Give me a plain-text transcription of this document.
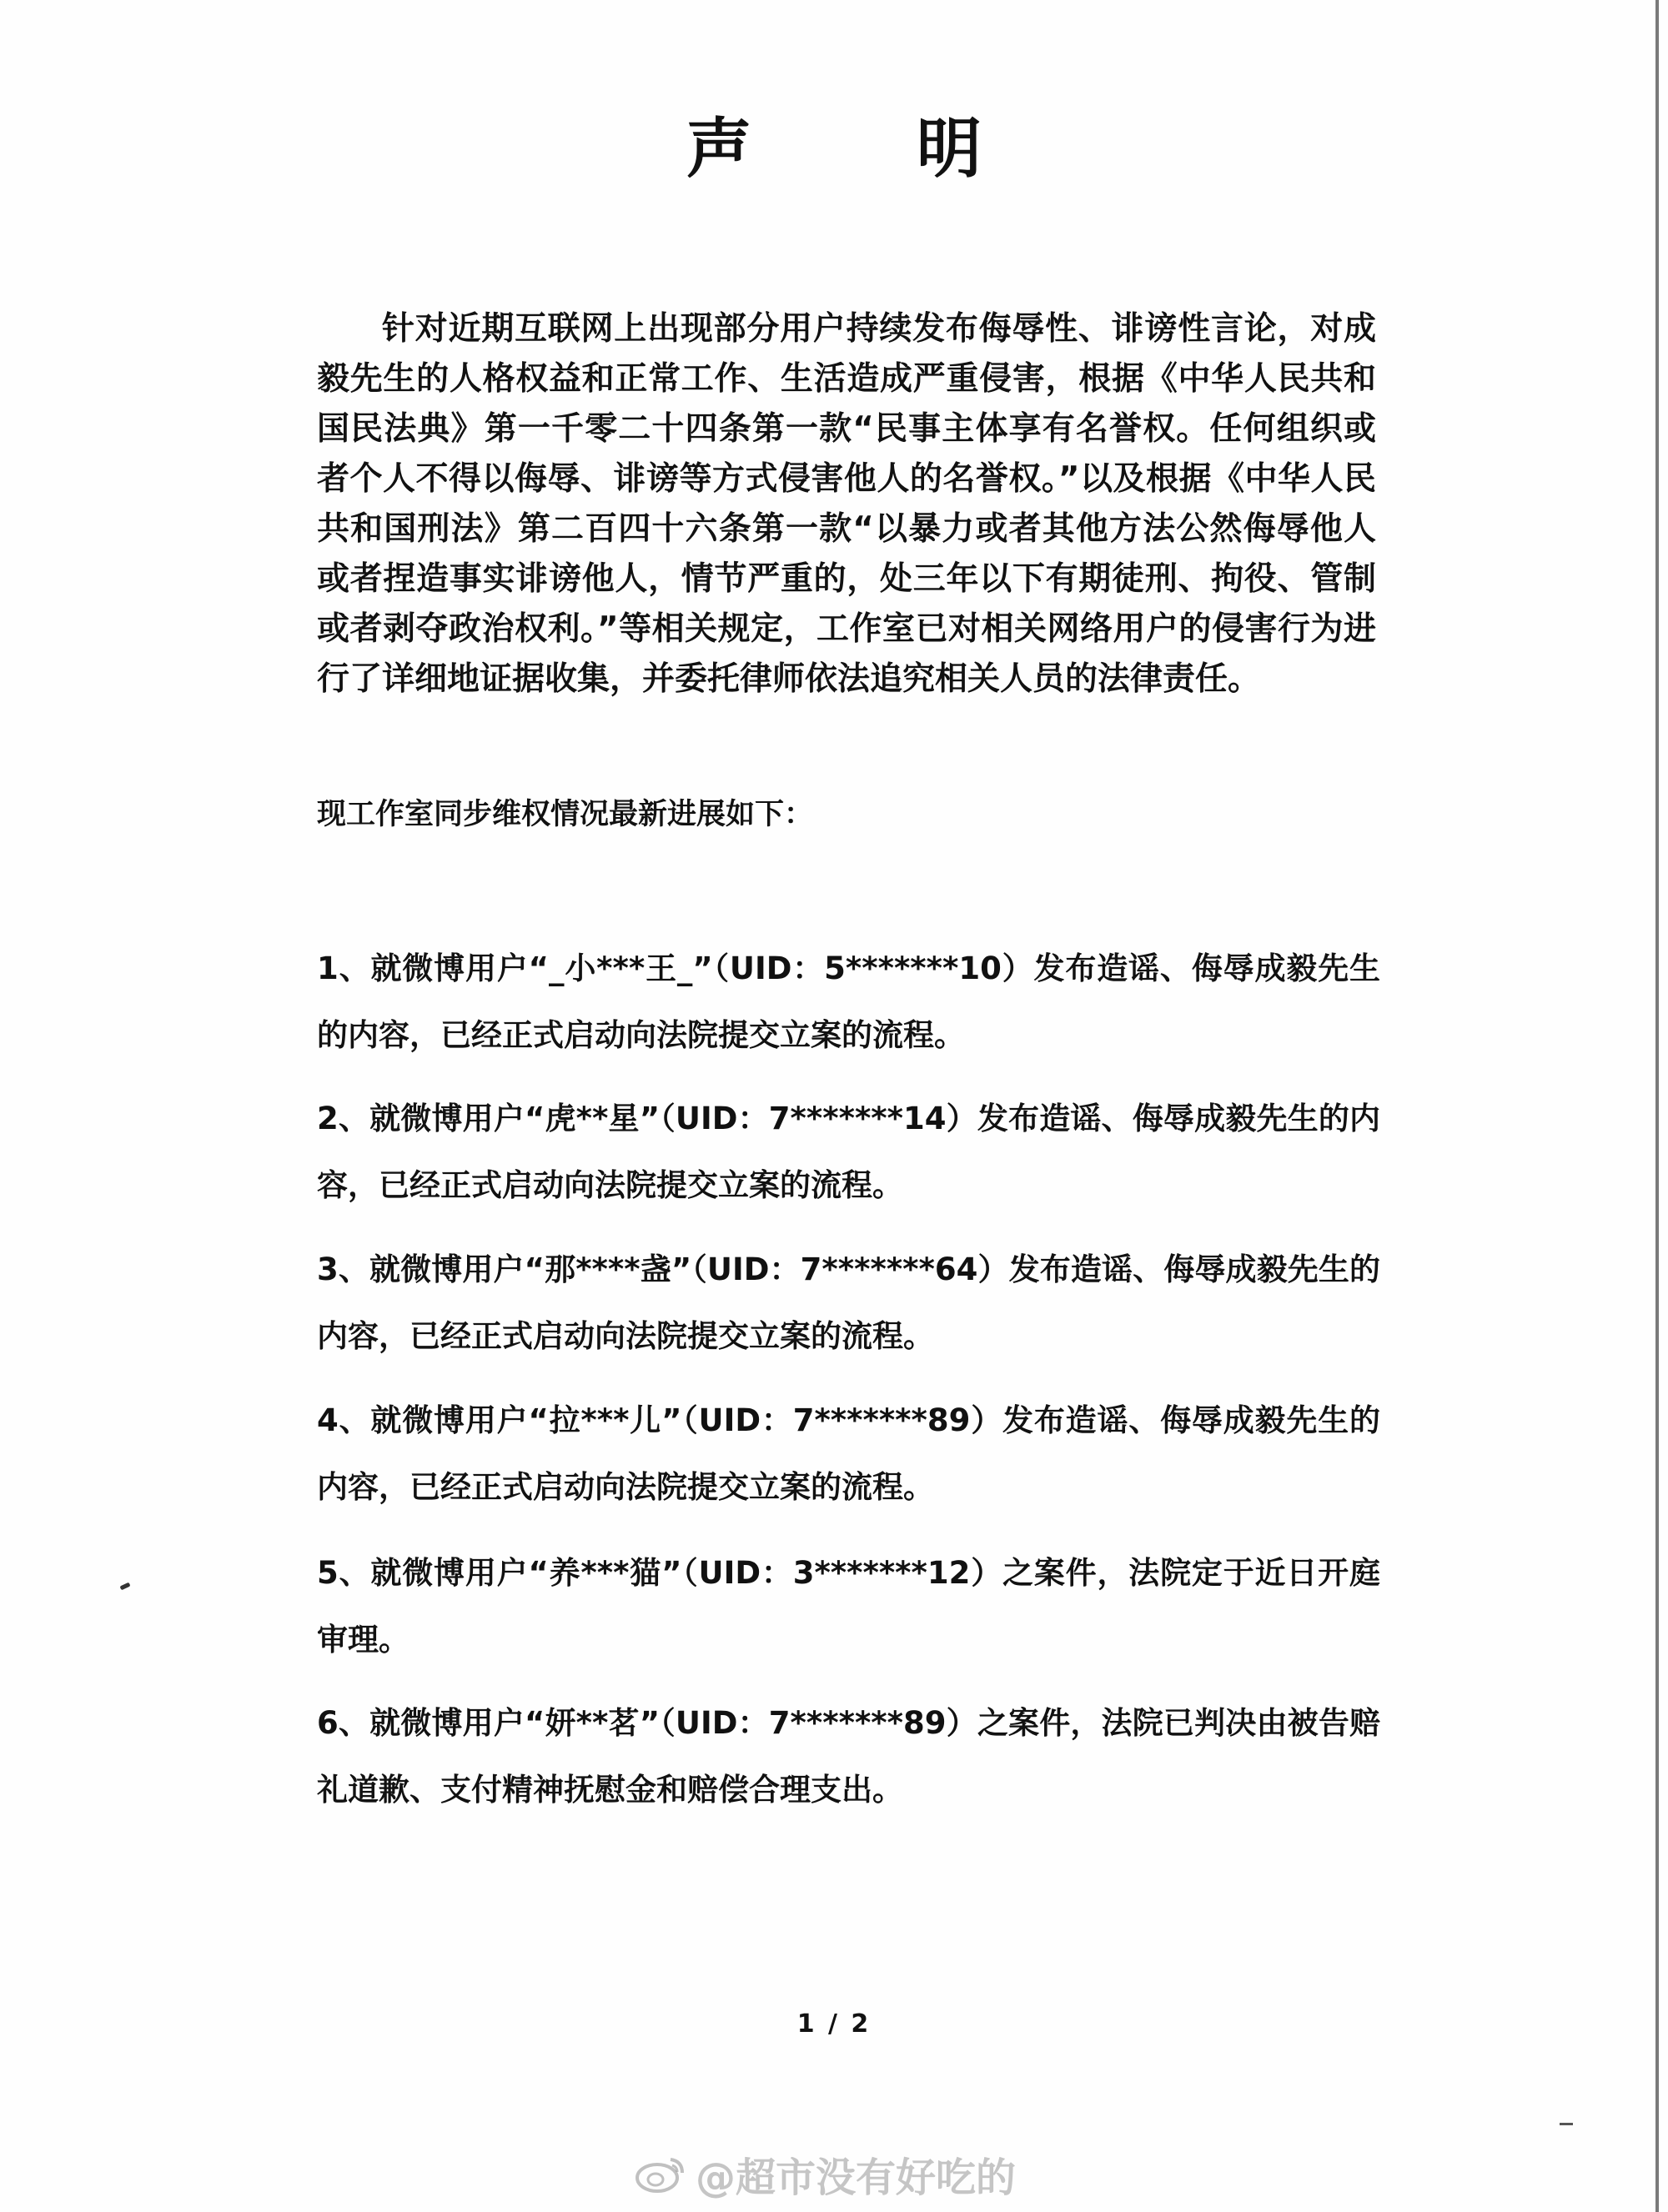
声　明

针对近期互联网上出现部分用户持续发布侮辱性、诽谤性言论，对成毅先生的人格权益和正常工作、生活造成严重侵害，根据《中华人民共和国民法典》第一千零二十四条第一款“民事主体享有名誉权。任何组织或者个人不得以侮辱、诽谤等方式侵害他人的名誉权。”以及根据《中华人民共和国刑法》第二百四十六条第一款“以暴力或者其他方法公然侮辱他人或者捏造事实诽谤他人，情节严重的，处三年以下有期徒刑、拘役、管制或者剥夺政治权利。”等相关规定，工作室已对相关网络用户的侵害行为进行了详细地证据收集，并委托律师依法追究相关人员的法律责任。

现工作室同步维权情况最新进展如下：

1、就微博用户“_小***王_”（UID：5*******10）发布造谣、侮辱成毅先生的内容，已经正式启动向法院提交立案的流程。

2、就微博用户“虎**星”（UID：7*******14）发布造谣、侮辱成毅先生的内容，已经正式启动向法院提交立案的流程。

3、就微博用户“那****盏”（UID：7*******64）发布造谣、侮辱成毅先生的内容，已经正式启动向法院提交立案的流程。

4、就微博用户“拉***儿”（UID：7*******89）发布造谣、侮辱成毅先生的内容，已经正式启动向法院提交立案的流程。

5、就微博用户“养***猫”（UID：3*******12）之案件，法院定于近日开庭审理。

6、就微博用户“妍**茗”（UID：7*******89）之案件，法院已判决由被告赔礼道歉、支付精神抚慰金和赔偿合理支出。

1 / 2
@超市没有好吃的
